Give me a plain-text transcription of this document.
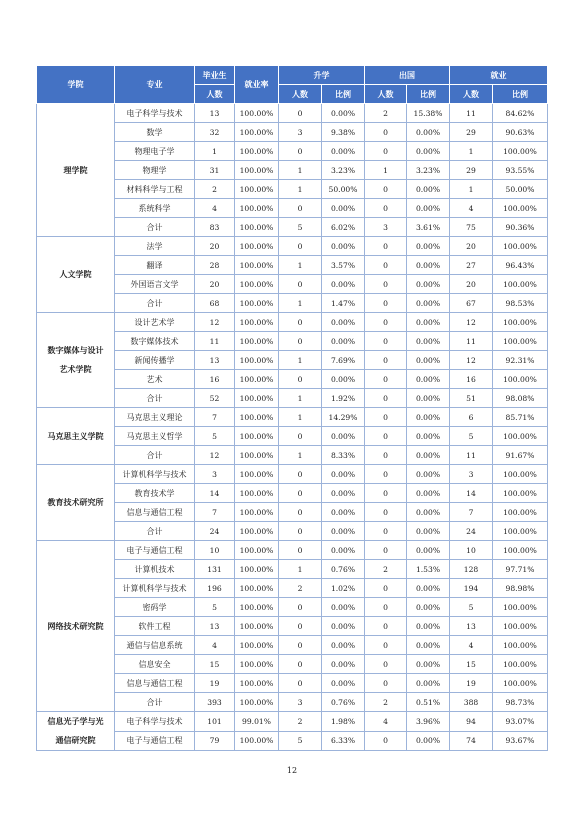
学院	专业	毕业生	就业率	升学		出国		就业	
		人数		人数	比例	人数	比例	人数	比例

理学院	电子科学与技术	13	100.00%	0	0.00%	2	15.38%	11	84.62%
	数学	32	100.00%	3	9.38%	0	0.00%	29	90.63%
	物理电子学	1	100.00%	0	0.00%	0	0.00%	1	100.00%
	物理学	31	100.00%	1	3.23%	1	3.23%	29	93.55%
	材料科学与工程	2	100.00%	1	50.00%	0	0.00%	1	50.00%
	系统科学	4	100.00%	0	0.00%	0	0.00%	4	100.00%
	合计	83	100.00%	5	6.02%	3	3.61%	75	90.36%

人文学院	法学	20	100.00%	0	0.00%	0	0.00%	20	100.00%
	翻译	28	100.00%	1	3.57%	0	0.00%	27	96.43%
	外国语言文学	20	100.00%	0	0.00%	0	0.00%	20	100.00%
	合计	68	100.00%	1	1.47%	0	0.00%	67	98.53%

数字媒体与设计
艺术学院	设计艺术学	12	100.00%	0	0.00%	0	0.00%	12	100.00%
	数字媒体技术	11	100.00%	0	0.00%	0	0.00%	11	100.00%
	新闻传播学	13	100.00%	1	7.69%	0	0.00%	12	92.31%
	艺术	16	100.00%	0	0.00%	0	0.00%	16	100.00%
	合计	52	100.00%	1	1.92%	0	0.00%	51	98.08%

马克思主义学院	马克思主义理论	7	100.00%	1	14.29%	0	0.00%	6	85.71%
	马克思主义哲学	5	100.00%	0	0.00%	0	0.00%	5	100.00%
	合计	12	100.00%	1	8.33%	0	0.00%	11	91.67%

教育技术研究所	计算机科学与技术	3	100.00%	0	0.00%	0	0.00%	3	100.00%
	教育技术学	14	100.00%	0	0.00%	0	0.00%	14	100.00%
	信息与通信工程	7	100.00%	0	0.00%	0	0.00%	7	100.00%
	合计	24	100.00%	0	0.00%	0	0.00%	24	100.00%

网络技术研究院	电子与通信工程	10	100.00%	0	0.00%	0	0.00%	10	100.00%
	计算机技术	131	100.00%	1	0.76%	2	1.53%	128	97.71%
	计算机科学与技术	196	100.00%	2	1.02%	0	0.00%	194	98.98%
	密码学	5	100.00%	0	0.00%	0	0.00%	5	100.00%
	软件工程	13	100.00%	0	0.00%	0	0.00%	13	100.00%
	通信与信息系统	4	100.00%	0	0.00%	0	0.00%	4	100.00%
	信息安全	15	100.00%	0	0.00%	0	0.00%	15	100.00%
	信息与通信工程	19	100.00%	0	0.00%	0	0.00%	19	100.00%
	合计	393	100.00%	3	0.76%	2	0.51%	388	98.73%

信息光子学与光
通信研究院	电子科学与技术	101	99.01%	2	1.98%	4	3.96%	94	93.07%
	电子与通信工程	79	100.00%	5	6.33%	0	0.00%	74	93.67%
12
